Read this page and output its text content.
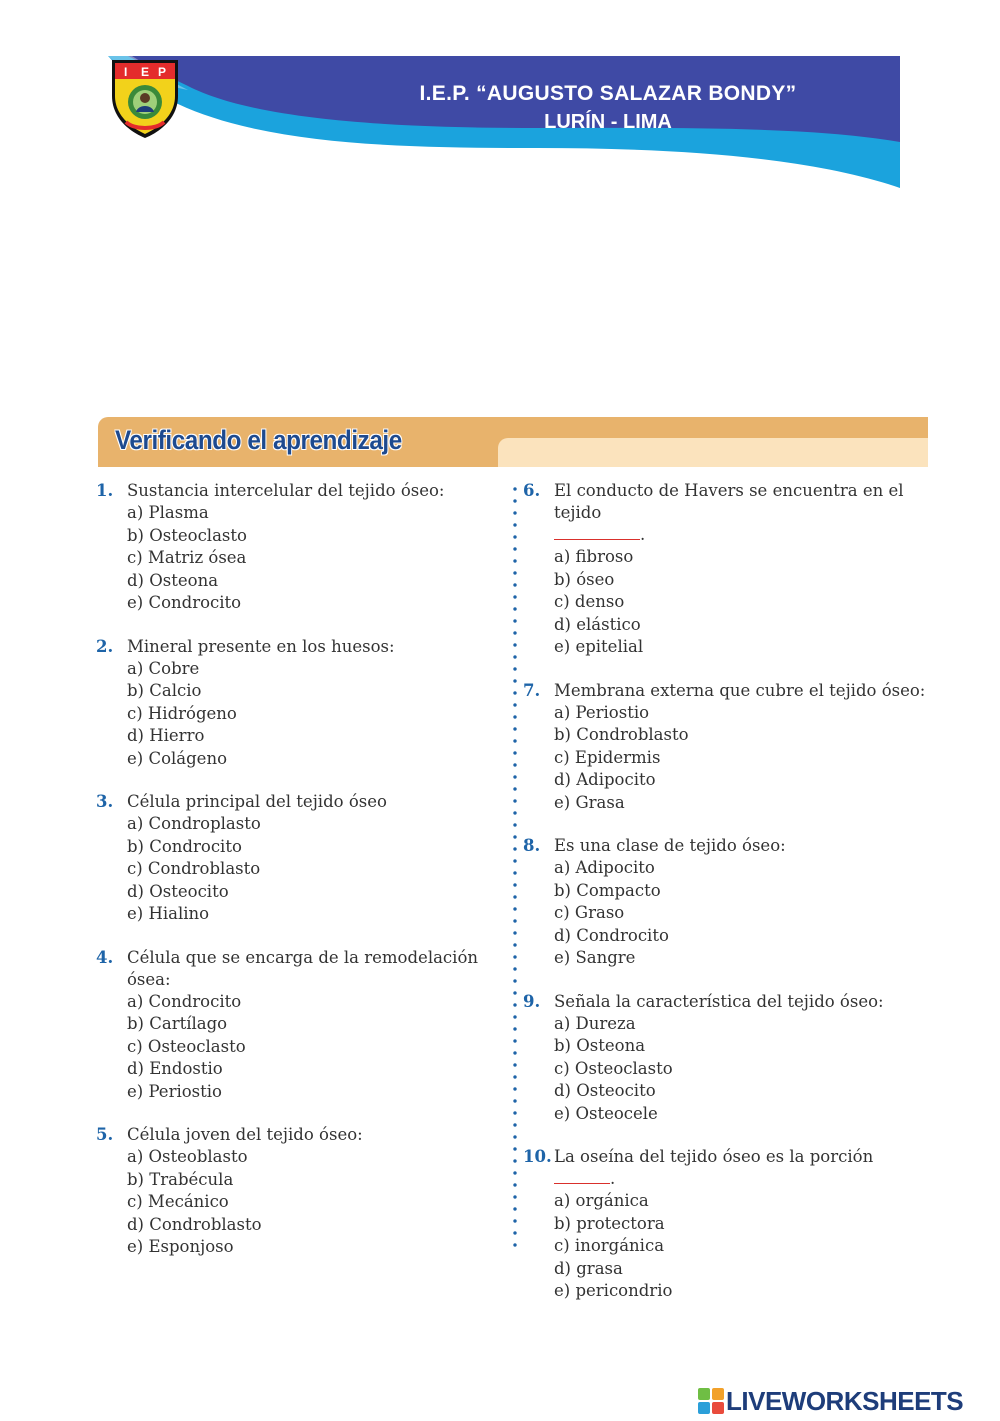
I E P

I.E.P. “AUGUSTO SALAZAR BONDY”

LURÍN - LIMA

Verificando el aprendizaje
1. Sustancia intercelular del tejido óseo:
a) Plasma
b) Osteoclasto
c) Matriz ósea
d) Osteona
e) Condrocito
2. Mineral presente en los huesos:
a) Cobre
b) Calcio
c) Hidrógeno
d) Hierro
e) Colágeno
3. Célula principal del tejido óseo
a) Condroplasto
b) Condrocito
c) Condroblasto
d) Osteocito
e) Hialino
4. Célula que se encarga de la remodelación ósea:
a) Condrocito
b) Cartílago
c) Osteoclasto
d) Endostio
e) Periostio
5. Célula joven del tejido óseo:
a) Osteoblasto
b) Trabécula
c) Mecánico
d) Condroblasto
e) Esponjoso
6. El conducto de Havers se encuentra en el tejido
.
a) fibroso
b) óseo
c) denso
d) elástico
e) epitelial
7. Membrana externa que cubre el tejido óseo:
a) Periostio
b) Condroblasto
c) Epidermis
d) Adipocito
e) Grasa
8. Es una clase de tejido óseo:
a) Adipocito
b) Compacto
c) Graso
d) Condrocito
e) Sangre
9. Señala la característica del tejido óseo:
a) Dureza
b) Osteona
c) Osteoclasto
d) Osteocito
e) Osteocele
10. La oseína del tejido óseo es la porción .
a) orgánica
b) protectora
c) inorgánica
d) grasa
e) pericondrio
LIVEWORKSHEETS
